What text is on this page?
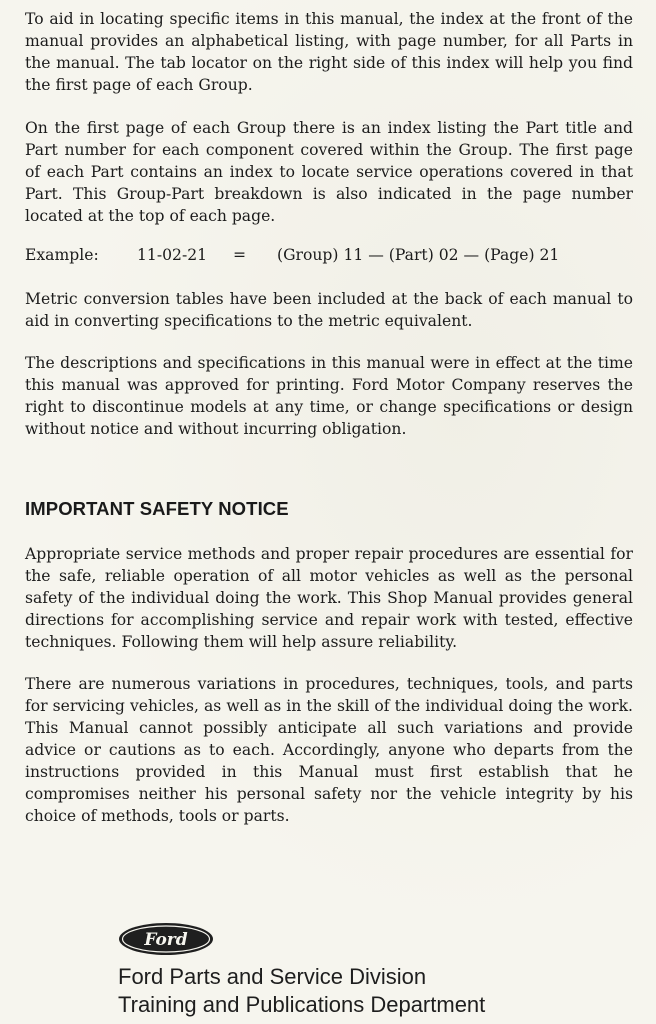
To aid in locating specific items in this manual, the index at the front of the manual provides an alphabetical listing, with page number, for all Parts in the manual. The tab locator on the right side of this index will help you find the first page of each Group.

On the first page of each Group there is an index listing the Part title and Part number for each component covered within the Group. The first page of each Part contains an index to locate service operations covered in that Part. This Group-Part breakdown is also indicated in the page number located at the top of each page.

Example: 11-02-21 = (Group) 11 — (Part) 02 — (Page) 21

Metric conversion tables have been included at the back of each manual to aid in converting specifications to the metric equivalent.

The descriptions and specifications in this manual were in effect at the time this manual was approved for printing. Ford Motor Company reserves the right to discontinue models at any time, or change specifications or design without notice and without incurring obligation.

IMPORTANT SAFETY NOTICE

Appropriate service methods and proper repair procedures are essential for the safe, reliable operation of all motor vehicles as well as the personal safety of the individual doing the work. This Shop Manual provides general directions for accomplishing service and repair work with tested, effective techniques. Following them will help assure reliability.

There are numerous variations in procedures, techniques, tools, and parts for servicing vehicles, as well as in the skill of the individual doing the work. This Manual cannot possibly anticipate all such variations and provide advice or cautions as to each. Accordingly, anyone who departs from the instructions provided in this Manual must first establish that he compromises neither his personal safety nor the vehicle integrity by his choice of methods, tools or parts.

Ford
Ford Parts and Service Division
Training and Publications Department
